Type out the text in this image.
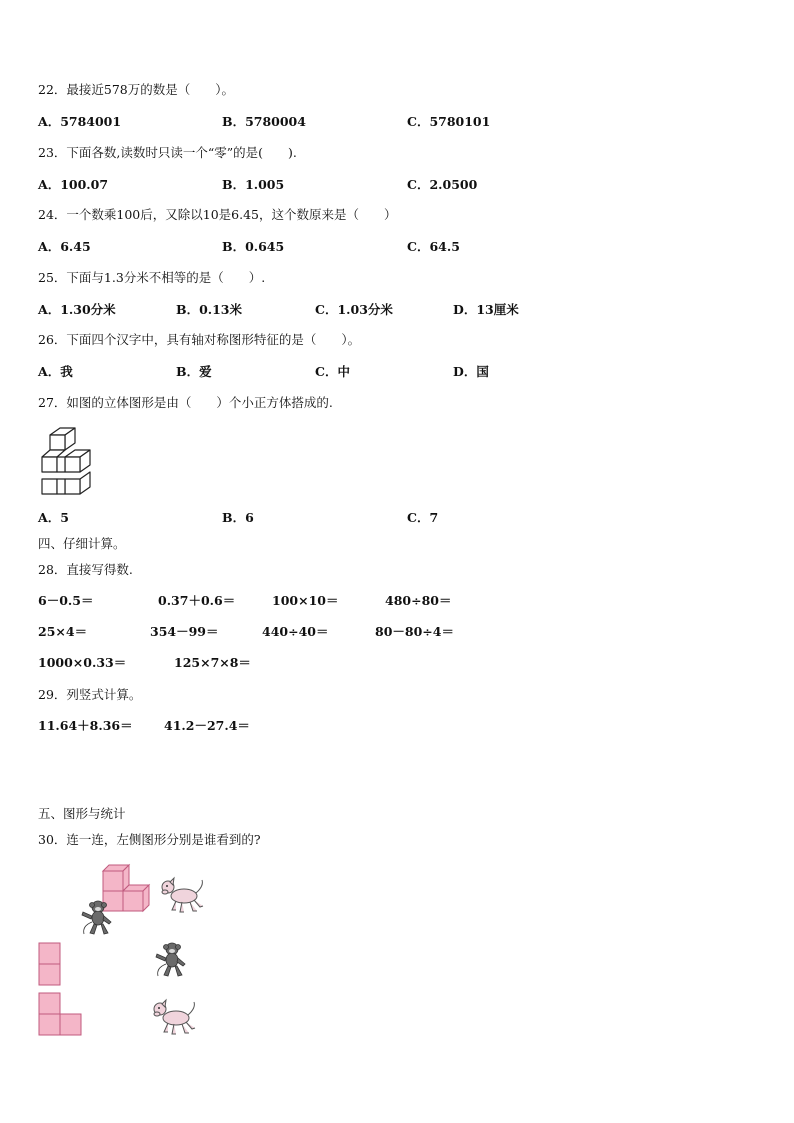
22．最接近578万的数是（　　）。
A．5784001	B．5780004	C．5780101
23．下面各数,读数时只读一个“零”的是(　　).
A．100.07	B．1.005	C．2.0500
24．一个数乘100后，又除以10是6.45，这个数原来是（　　）
A．6.45	B．0.645	C．64.5
25．下面与1.3分米不相等的是（　　）.
A．1.30分米	B．0.13米	C．1.03分米	D．13厘米
26．下面四个汉字中，具有轴对称图形特征的是（　　）。
A．我	B．爱	C．中	D．国
27．如图的立体图形是由（　　）个小正方体搭成的.
A．5	B．6	C．7
四、仔细计算。
28．直接写得数.
6－0.5＝	0.37＋0.6＝	100×10＝	480÷80＝
25×4＝	354－99＝	440÷40＝	80－80÷4＝
1000×0.33＝	125×7×8＝
29．列竖式计算。
11.64＋8.36＝	41.2－27.4＝
五、图形与统计
30．连一连，左侧图形分别是谁看到的?
